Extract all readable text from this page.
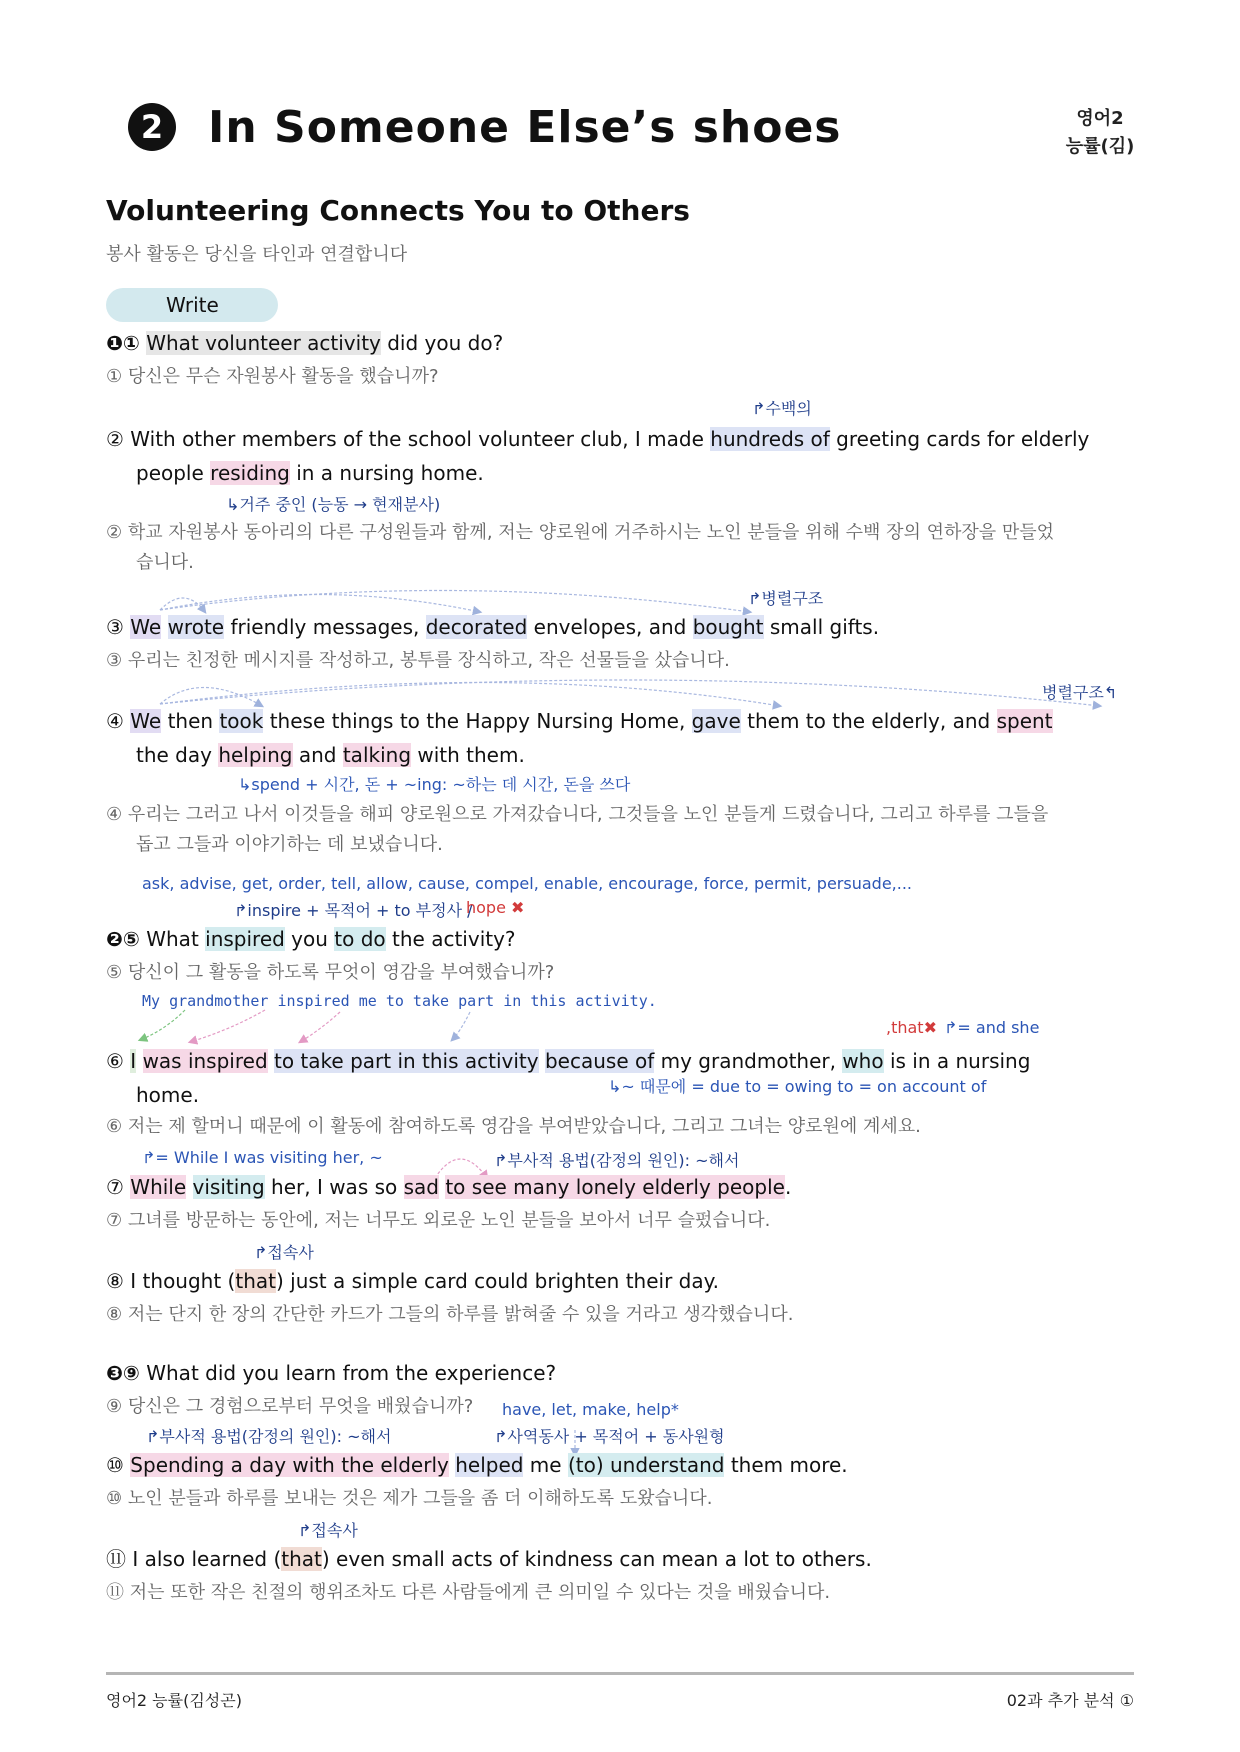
2 In Someone Else’s shoes	영어2
능률(김)
Volunteering Connects You to Others
봉사 활동은 당신을 타인과 연결합니다
Write
❶① What volunteer activity did you do?
① 당신은 무슨 자원봉사 활동을 했습니까?
↱수백의
② With other members of the school volunteer club, I made hundreds of greeting cards for elderly
people residing in a nursing home.
↳거주 중인 (능동 → 현재분사)
② 학교 자원봉사 동아리의 다른 구성원들과 함께, 저는 양로원에 거주하시는 노인 분들을 위해 수백 장의 연하장을 만들었
습니다.
↱병렬구조
③ We wrote friendly messages, decorated envelopes, and bought small gifts.
③ 우리는 친정한 메시지를 작성하고, 봉투를 장식하고, 작은 선물들을 샀습니다.
병렬구조↰
④ We then took these things to the Happy Nursing Home, gave them to the elderly, and spent
the day helping and talking with them.
↳spend + 시간, 돈 + ~ing: ~하는 데 시간, 돈을 쓰다
④ 우리는 그러고 나서 이것들을 해피 양로원으로 가져갔습니다, 그것들을 노인 분들게 드렸습니다, 그리고 하루를 그들을
돕고 그들과 이야기하는 데 보냈습니다.
ask, advise, get, order, tell, allow, cause, compel, enable, encourage, force, permit, persuade,...
↱inspire + 목적어 + to 부정사 /
hope ✖
❷⑤ What inspired you to do the activity?
⑤ 당신이 그 활동을 하도록 무엇이 영감을 부여했습니까?
My grandmother inspired me to take part in this activity.
,that✖ ↱= and she
⑥ I was inspired to take part in this activity because of my grandmother, who is in a nursing
home.	↳~ 때문에 = due to = owing to = on account of
⑥ 저는 제 할머니 때문에 이 활동에 참여하도록 영감을 부여받았습니다, 그리고 그녀는 양로원에 계세요.
↱= While I was visiting her, ~	↱부사적 용법(감정의 원인): ~해서
⑦ While visiting her, I was so sad to see many lonely elderly people.
⑦ 그녀를 방문하는 동안에, 저는 너무도 외로운 노인 분들을 보아서 너무 슬펐습니다.
↱접속사
⑧ I thought (that) just a simple card could brighten their day.
⑧ 저는 단지 한 장의 간단한 카드가 그들의 하루를 밝혀줄 수 있을 거라고 생각했습니다.
❸⑨ What did you learn from the experience?
⑨ 당신은 그 경험으로부터 무엇을 배웠습니까? have, let, make, help*
↱부사적 용법(감정의 원인): ~해서	↱사역동사 + 목적어 + 동사원형
⑩ Spending a day with the elderly helped me (to) understand them more.
⑩ 노인 분들과 하루를 보내는 것은 제가 그들을 좀 더 이해하도록 도왔습니다.
↱접속사
⑪ I also learned (that) even small acts of kindness can mean a lot to others.
⑪ 저는 또한 작은 친절의 행위조차도 다른 사람들에게 큰 의미일 수 있다는 것을 배웠습니다.
영어2 능률(김성곤)	02과 추가 분석 ①
